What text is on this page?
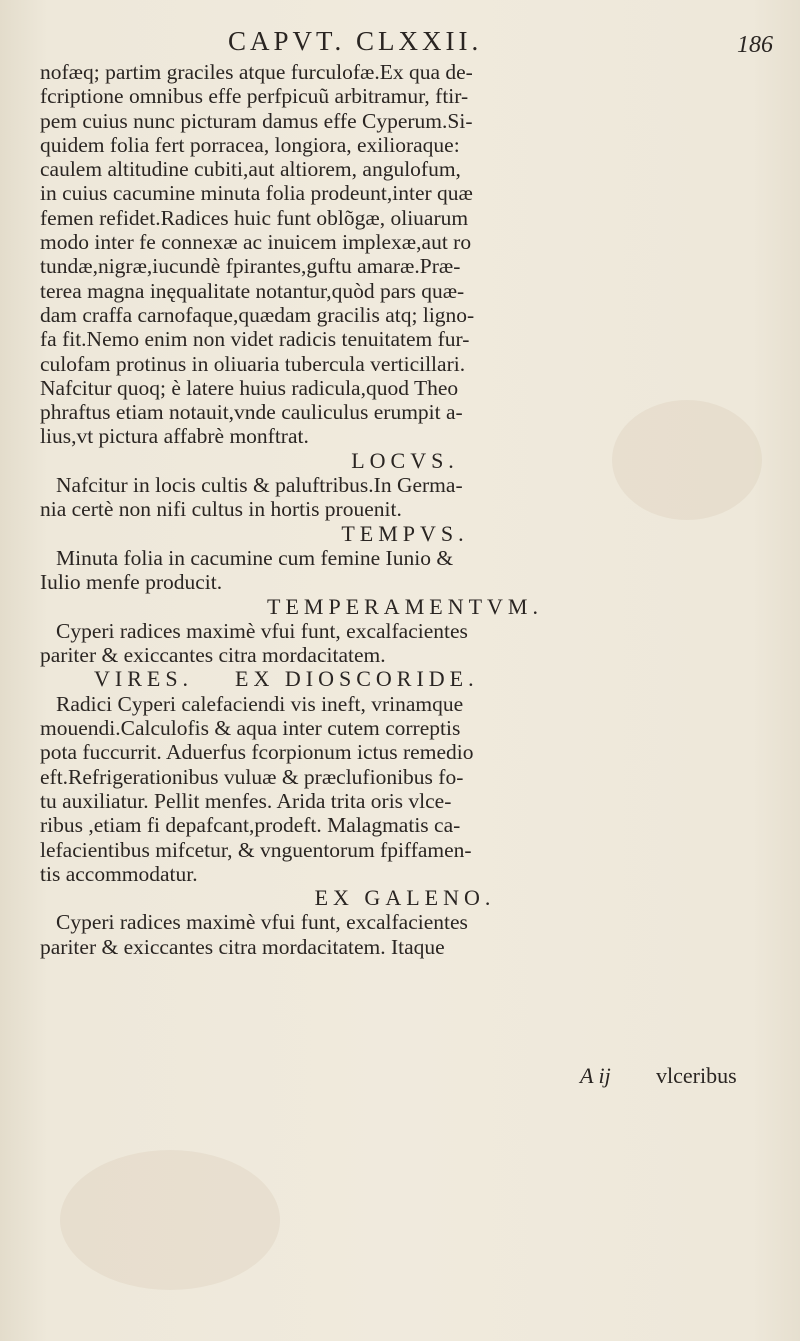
CAPVT. CLXXII.	186
nofæq; partim graciles atque furculofæ.Ex qua de-
fcriptione omnibus effe perfpicuũ arbitramur, ftir-
pem cuius nunc picturam damus effe Cyperum.Si-
quidem folia fert porracea, longiora, exilioraque:
caulem altitudine cubiti,aut altiorem, angulofum,
in cuius cacumine minuta folia prodeunt,inter quæ
femen refidet.Radices huic funt oblõgæ, oliuarum
modo inter fe connexæ ac inuicem implexæ,aut ro
tundæ,nigræ,iucundè fpirantes,guftu amaræ.Præ-
terea magna inęqualitate notantur,quòd pars quæ-
dam craffa carnofaque,quædam gracilis atq; ligno-
fa fit.Nemo enim non videt radicis tenuitatem fur-
culofam protinus in oliuaria tubercula verticillari.
Nafcitur quoq; è latere huius radicula,quod Theo
phraftus etiam notauit,vnde cauliculus erumpit a-
lius,vt pictura affabrè monftrat.
LOCVS.
Nafcitur in locis cultis & paluftribus.In Germa-
nia certè non nifi cultus in hortis prouenit.
TEMPVS.
Minuta folia in cacumine cum femine Iunio &
Iulio menfe producit.
TEMPERAMENTVM.
Cyperi radices maximè vfui funt, excalfacientes
pariter & exiccantes citra mordacitatem.
VIRES.    EX DIOSCORIDE.
Radici Cyperi calefaciendi vis ineft, vrinamque
mouendi.Calculofis & aqua inter cutem correptis
pota fuccurrit. Aduerfus fcorpionum ictus remedio
eft.Refrigerationibus vuluæ & præclufionibus fo-
tu auxiliatur. Pellit menfes. Arida trita oris vlce-
ribus ,etiam fi depafcant,prodeft. Malagmatis ca-
lefacientibus mifcetur, & vnguentorum fpiffamen-
tis accommodatur.
EX GALENO.
Cyperi radices maximè vfui funt, excalfacientes
pariter & exiccantes citra mordacitatem. Itaque
A ij vlceribus
